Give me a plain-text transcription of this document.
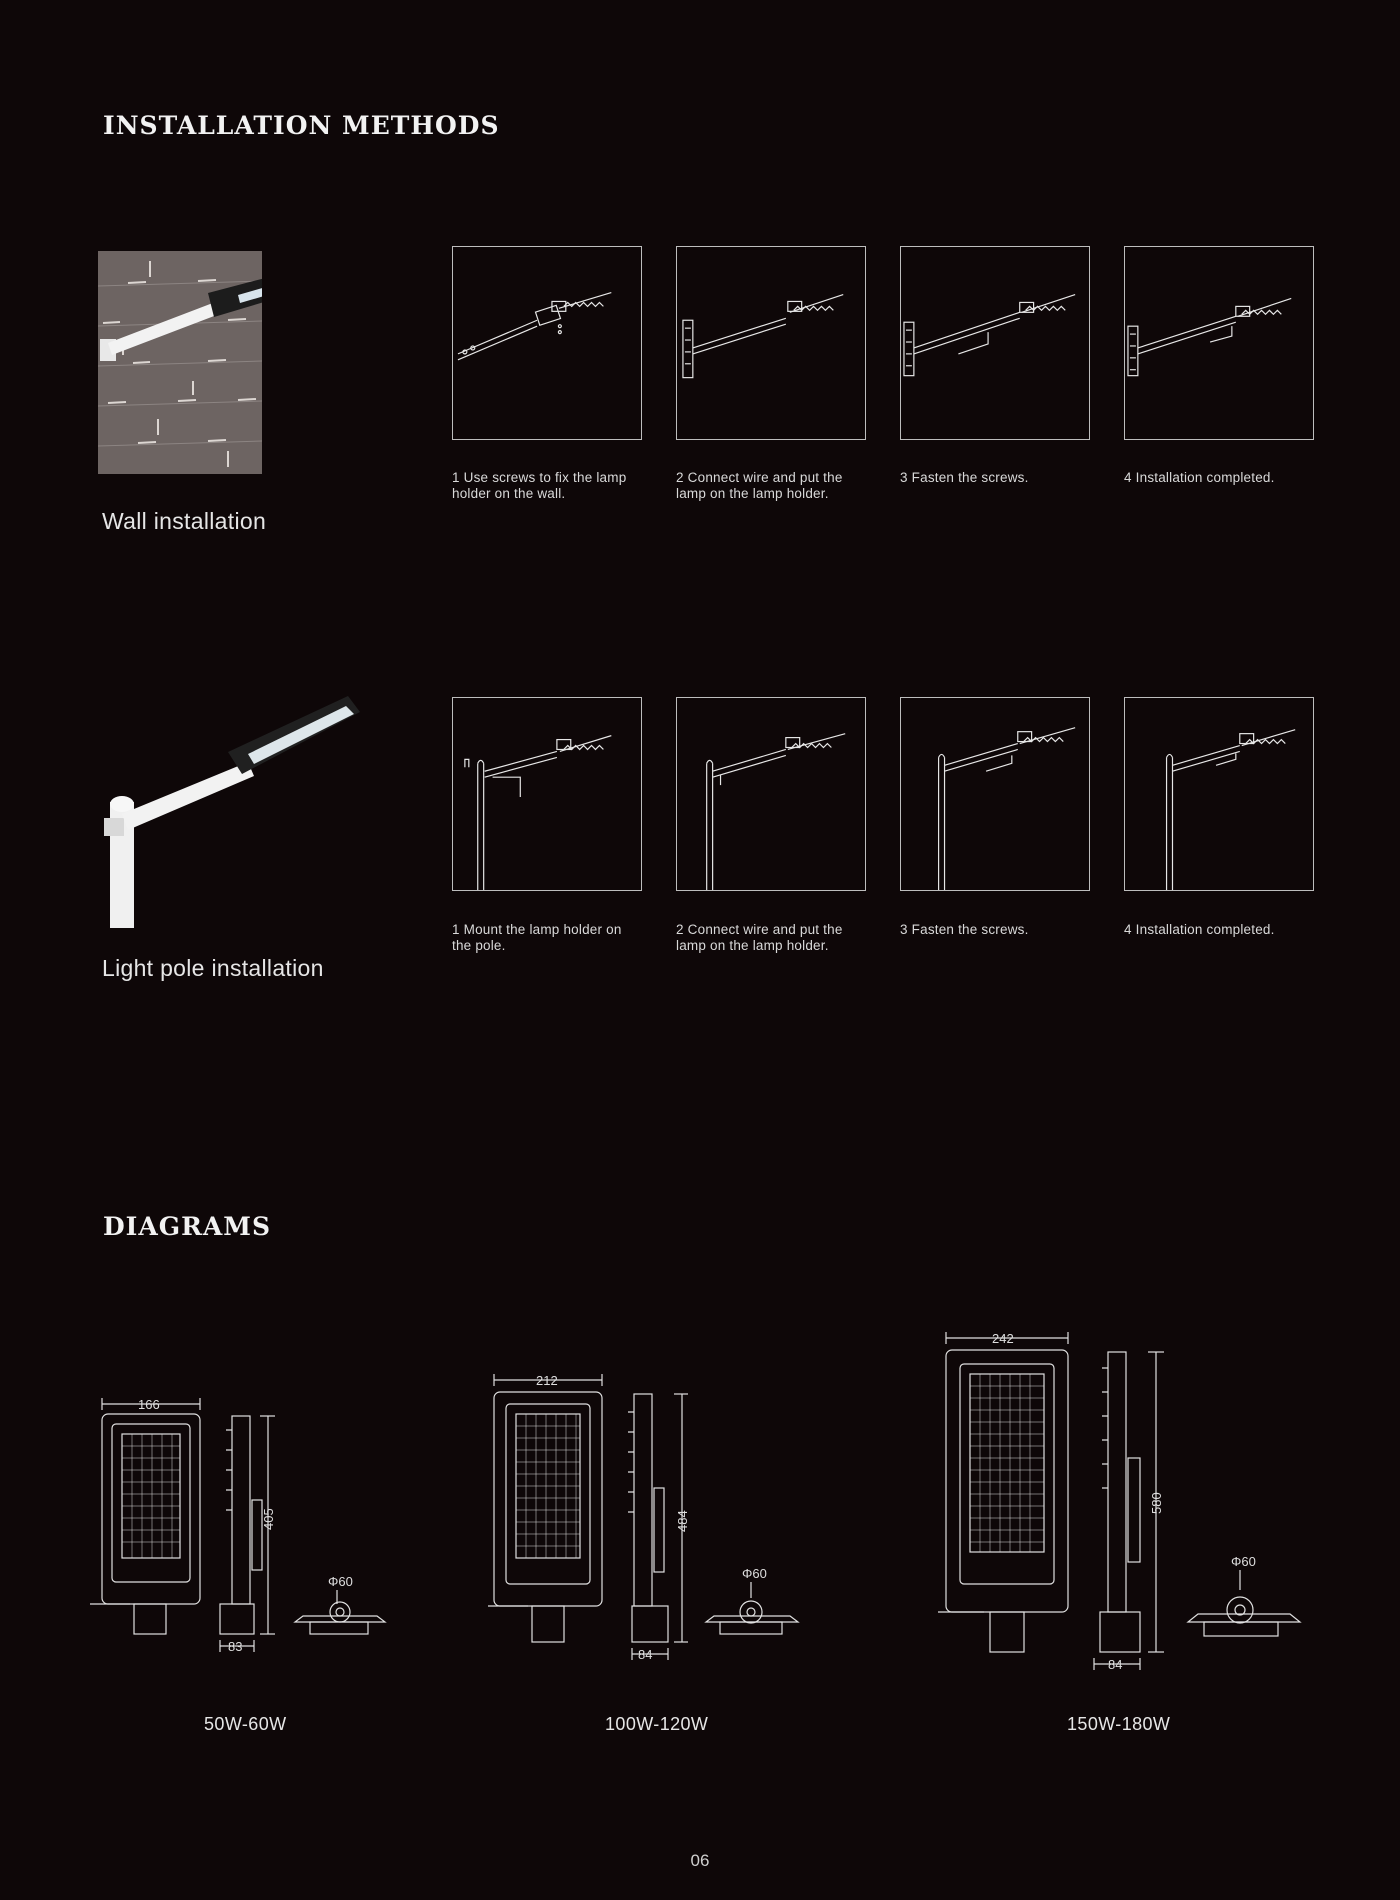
INSTALLATION METHODS
Wall installation
1 Use screws to fix the lamp
holder on the wall.
2 Connect wire and put the
lamp on the lamp holder.
3 Fasten the screws.	4 Installation completed.
Light pole installation
1 Mount the lamp holder on
the pole.
2 Connect wire and put the
lamp on the lamp holder.
3 Fasten the screws.	4 Installation completed.
DIAGRAMS
166
405
83
Φ60
50W-60W
212
484
84
Φ60
100W-120W
242
580
84
Φ60
150W-180W
06
